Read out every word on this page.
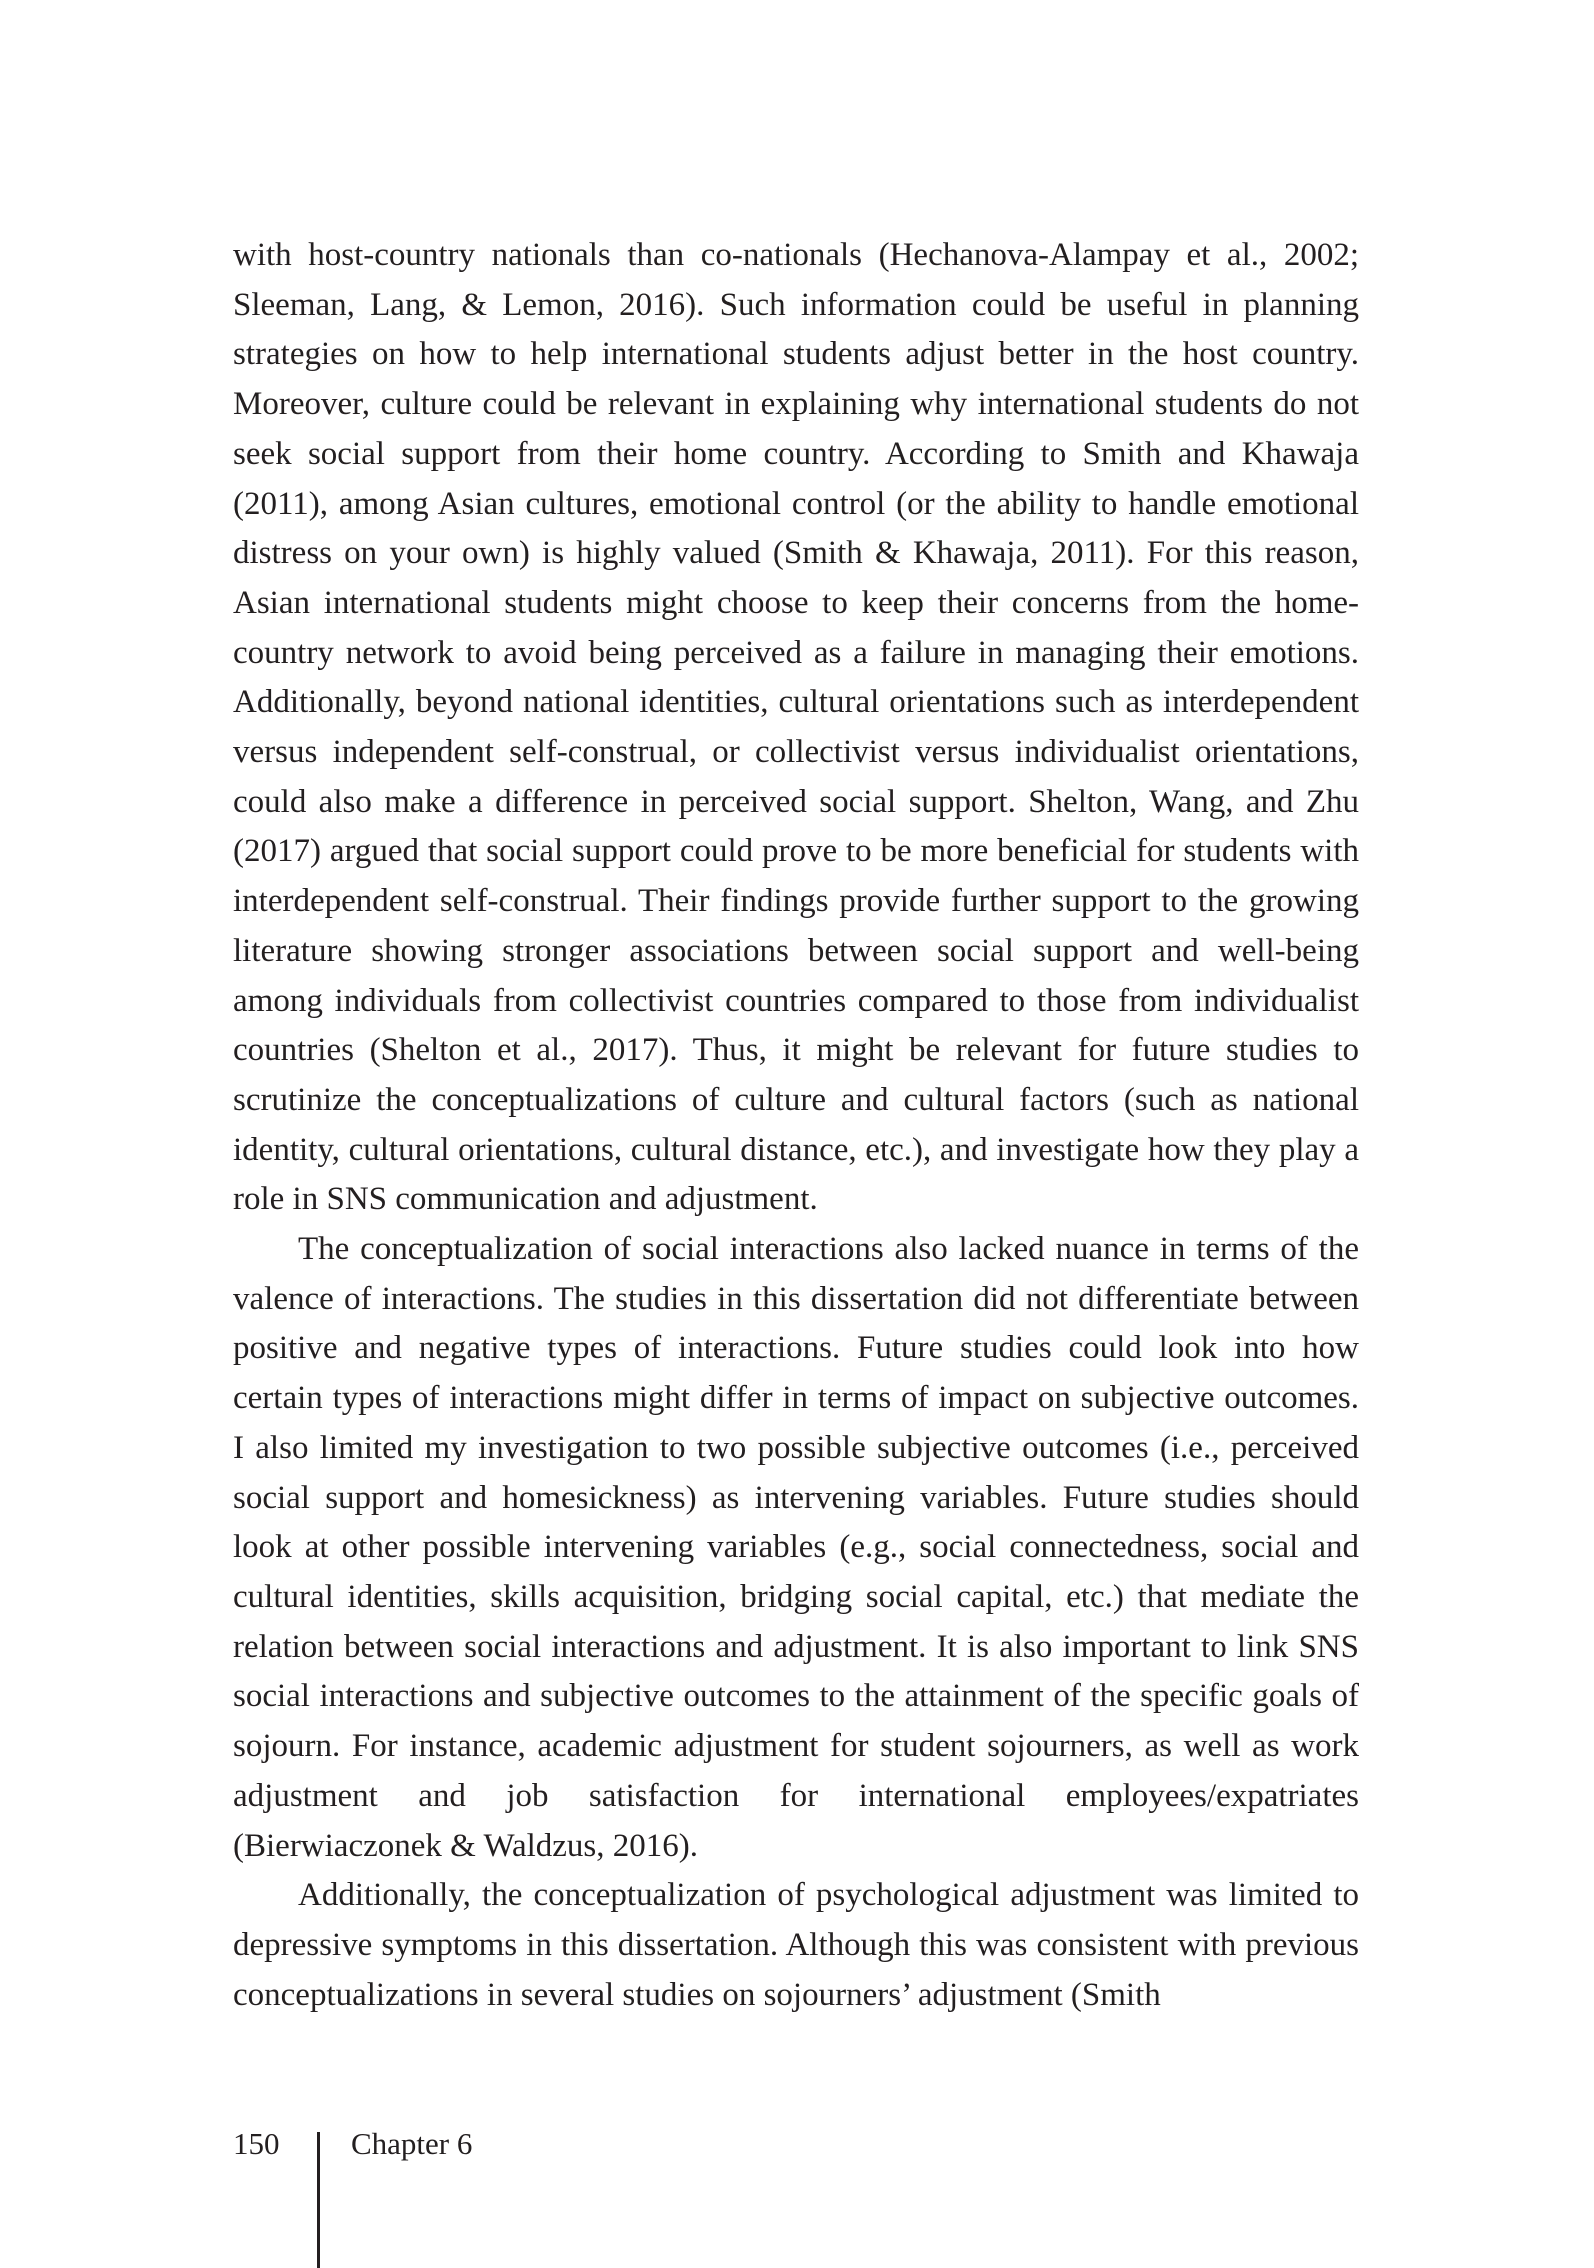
with host-country nationals than co-nationals (Hechanova-Alampay et al., 2002; Sleeman, Lang, & Lemon, 2016). Such information could be useful in planning strategies on how to help international students adjust better in the host country. Moreover, culture could be relevant in explaining why international students do not seek social support from their home country. According to Smith and Khawaja (2011), among Asian cultures, emotional control (or the ability to handle emotional distress on your own) is highly valued (Smith & Khawaja, 2011). For this reason, Asian international students might choose to keep their concerns from the home-country network to avoid being perceived as a failure in managing their emotions. Additionally, beyond national identities, cultural orientations such as interdependent versus independent self-construal, or collectivist versus individualist orientations, could also make a difference in perceived social support. Shelton, Wang, and Zhu (2017) argued that social support could prove to be more beneficial for students with interdependent self-construal. Their findings provide further support to the growing literature showing stronger associations between social support and well-being among individuals from collectivist countries compared to those from individualist countries (Shelton et al., 2017). Thus, it might be relevant for future studies to scrutinize the conceptualizations of culture and cultural factors (such as national identity, cultural orientations, cultural distance, etc.), and investigate how they play a role in SNS communication and adjustment.

The conceptualization of social interactions also lacked nuance in terms of the valence of interactions. The studies in this dissertation did not differentiate between positive and negative types of interactions. Future studies could look into how certain types of interactions might differ in terms of impact on subjective outcomes. I also limited my investigation to two possible subjective outcomes (i.e., perceived social support and homesickness) as intervening variables. Future studies should look at other possible intervening variables (e.g., social connectedness, social and cultural identities, skills acquisition, bridging social capital, etc.) that mediate the relation between social interactions and adjustment. It is also important to link SNS social interactions and subjective outcomes to the attainment of the specific goals of sojourn. For instance, academic adjustment for student sojourners, as well as work adjustment and job satisfaction for international employees/expatriates (Bierwiaczonek & Waldzus, 2016).

Additionally, the conceptualization of psychological adjustment was limited to depressive symptoms in this dissertation. Although this was consistent with previous conceptualizations in several studies on sojourners’ adjustment (Smith

150	Chapter 6
